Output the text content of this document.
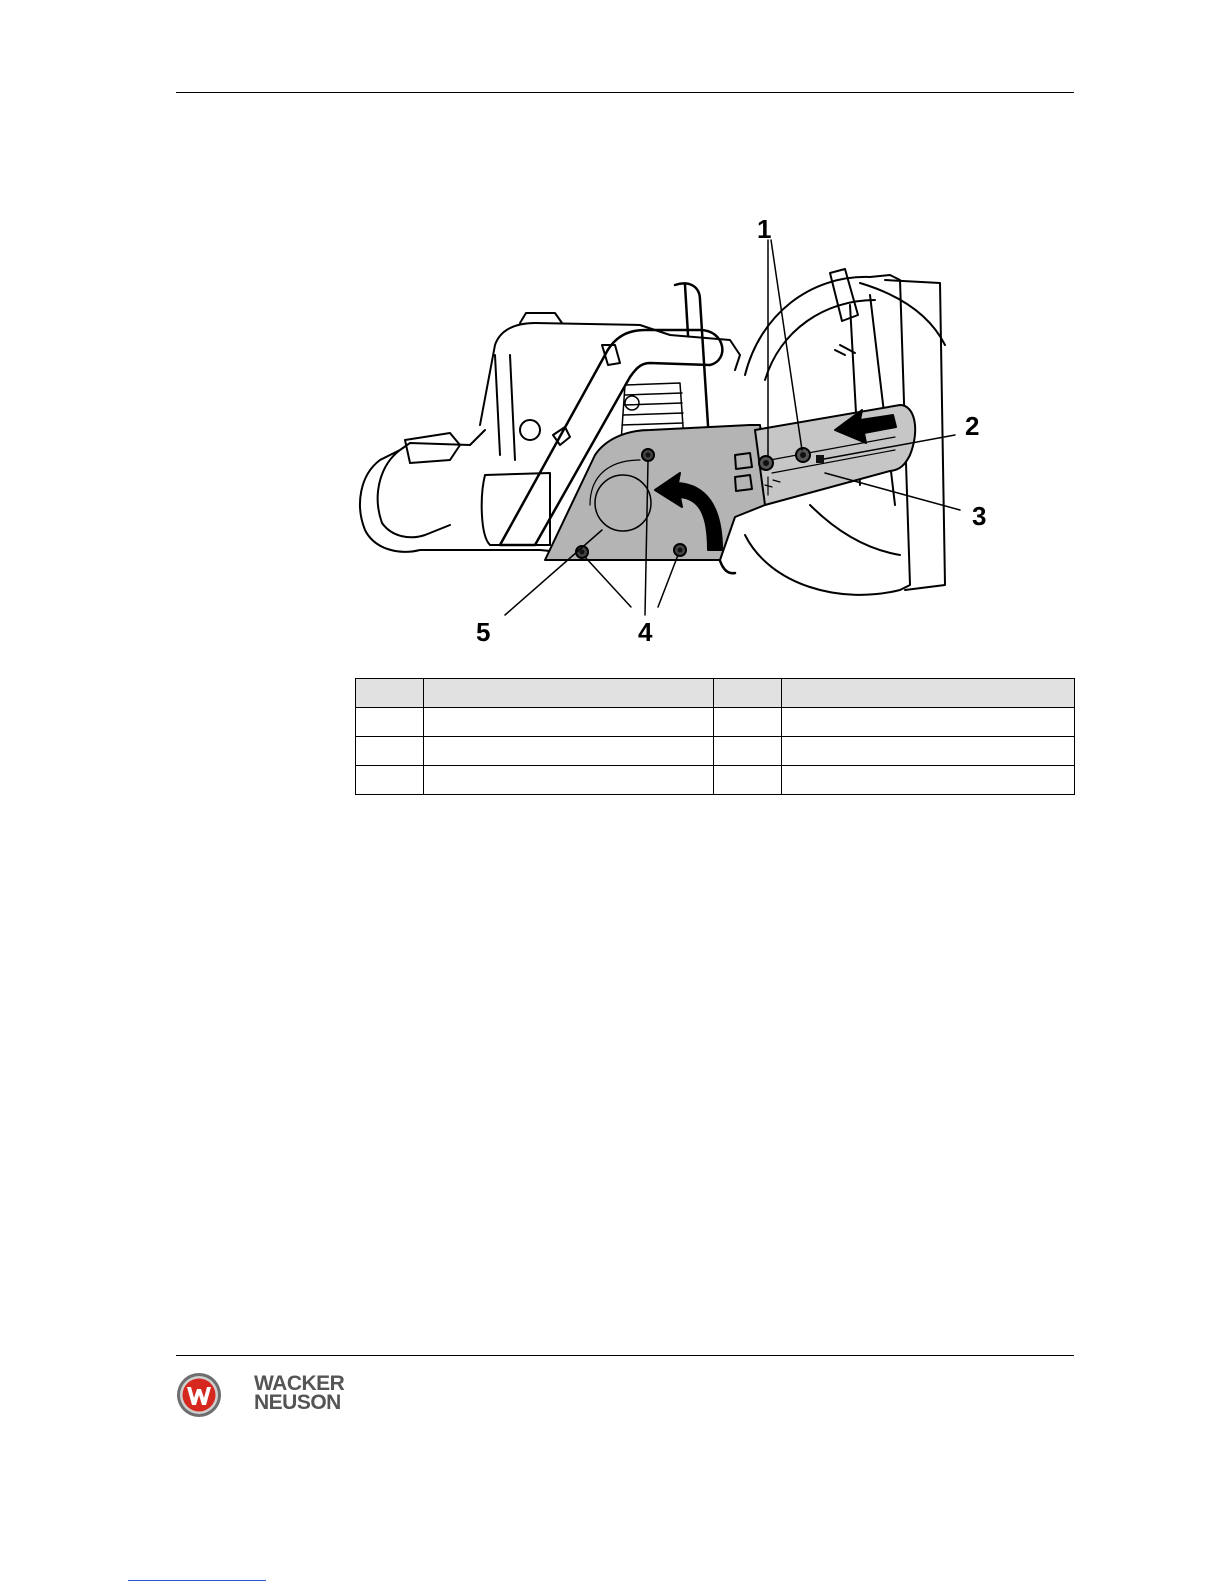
1
2
3
4
5

WACKER
NEUSON
